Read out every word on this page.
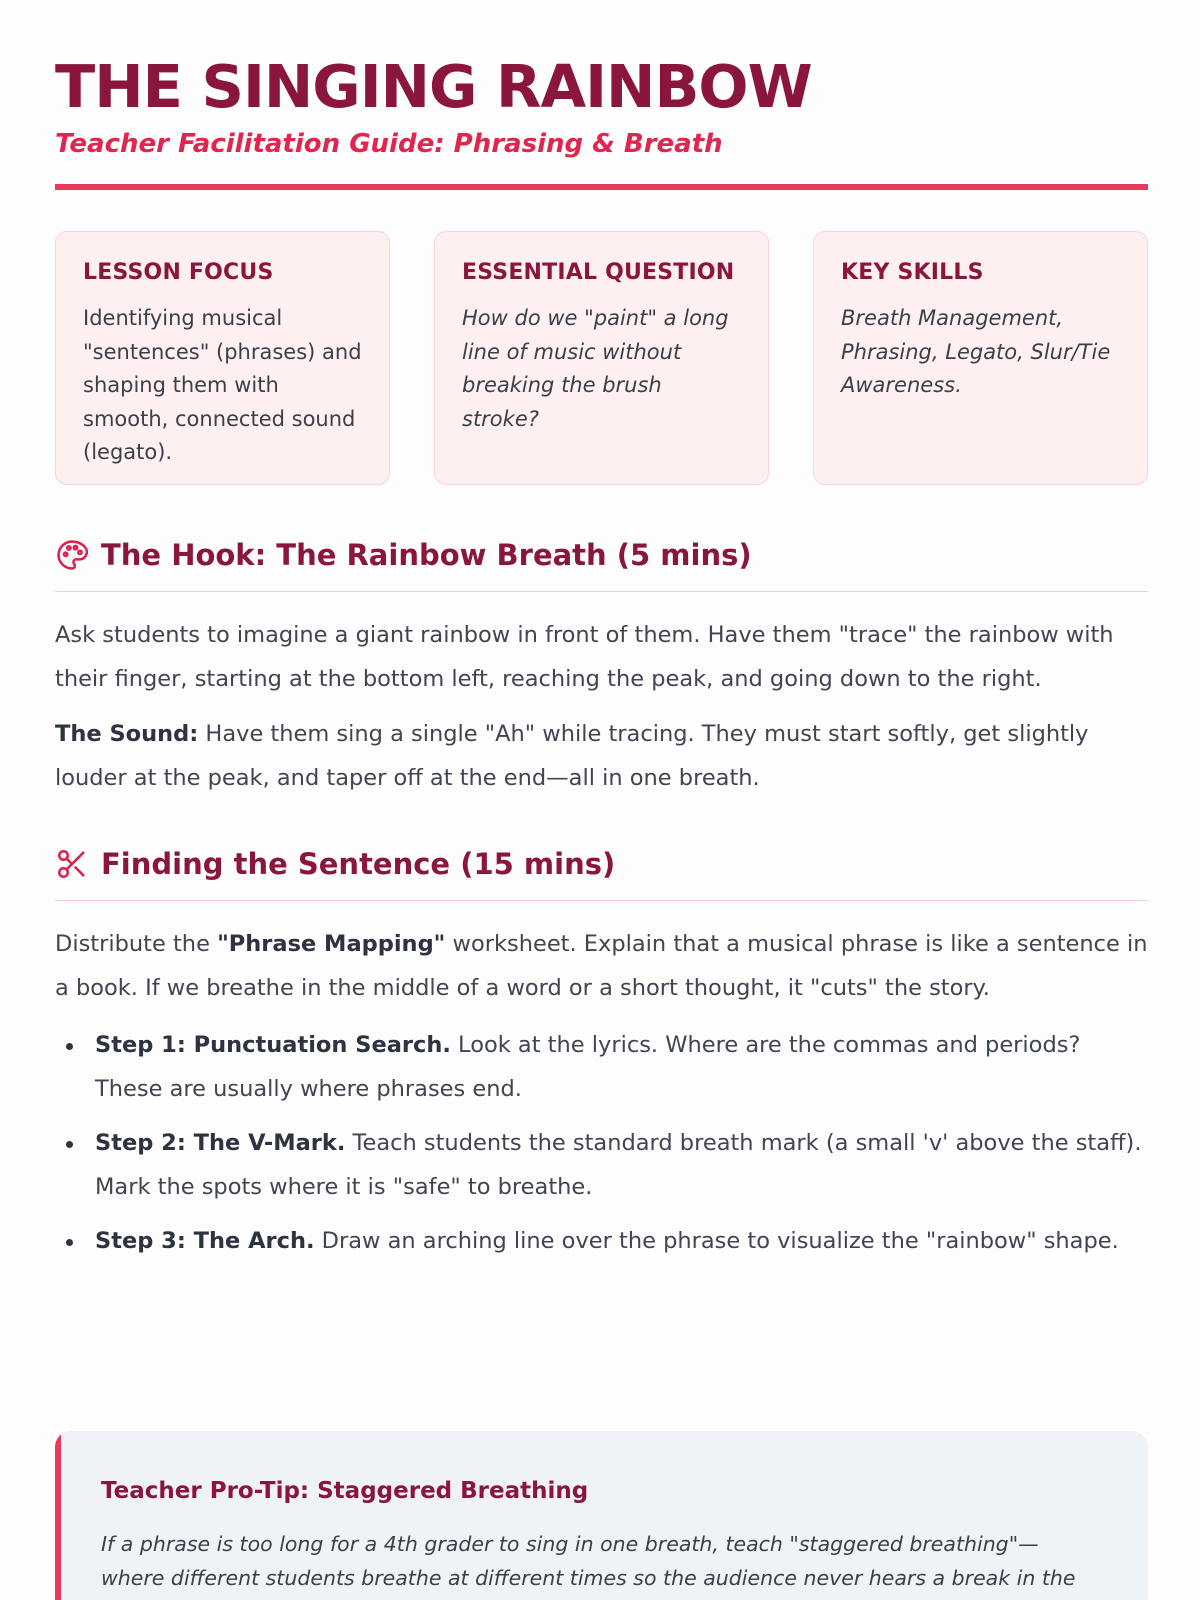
THE SINGING RAINBOW
Teacher Facilitation Guide: Phrasing & Breath
LESSON FOCUS
Identifying musical "sentences" (phrases) and shaping them with smooth, connected sound (legato).
ESSENTIAL QUESTION
How do we "paint" a long line of music without breaking the brush stroke?
KEY SKILLS
Breath Management, Phrasing, Legato, Slur/Tie Awareness.
The Hook: The Rainbow Breath (5 mins)

Ask students to imagine a giant rainbow in front of them. Have them "trace" the rainbow with their finger, starting at the bottom left, reaching the peak, and going down to the right.

The Sound: Have them sing a single "Ah" while tracing. They must start softly, get slightly louder at the peak, and taper off at the end—all in one breath.

Finding the Sentence (15 mins)

Distribute the "Phrase Mapping" worksheet. Explain that a musical phrase is like a sentence in a book. If we breathe in the middle of a word or a short thought, it "cuts" the story.

Step 1: Punctuation Search. Look at the lyrics. Where are the commas and periods? These are usually where phrases end.
Step 2: The V-Mark. Teach students the standard breath mark (a small 'v' above the staff). Mark the spots where it is "safe" to breathe.
Step 3: The Arch. Draw an arching line over the phrase to visualize the "rainbow" shape.
Teacher Pro-Tip: Staggered Breathing
If a phrase is too long for a 4th grader to sing in one breath, teach "staggered breathing"—where different students breathe at different times so the audience never hears a break in the
